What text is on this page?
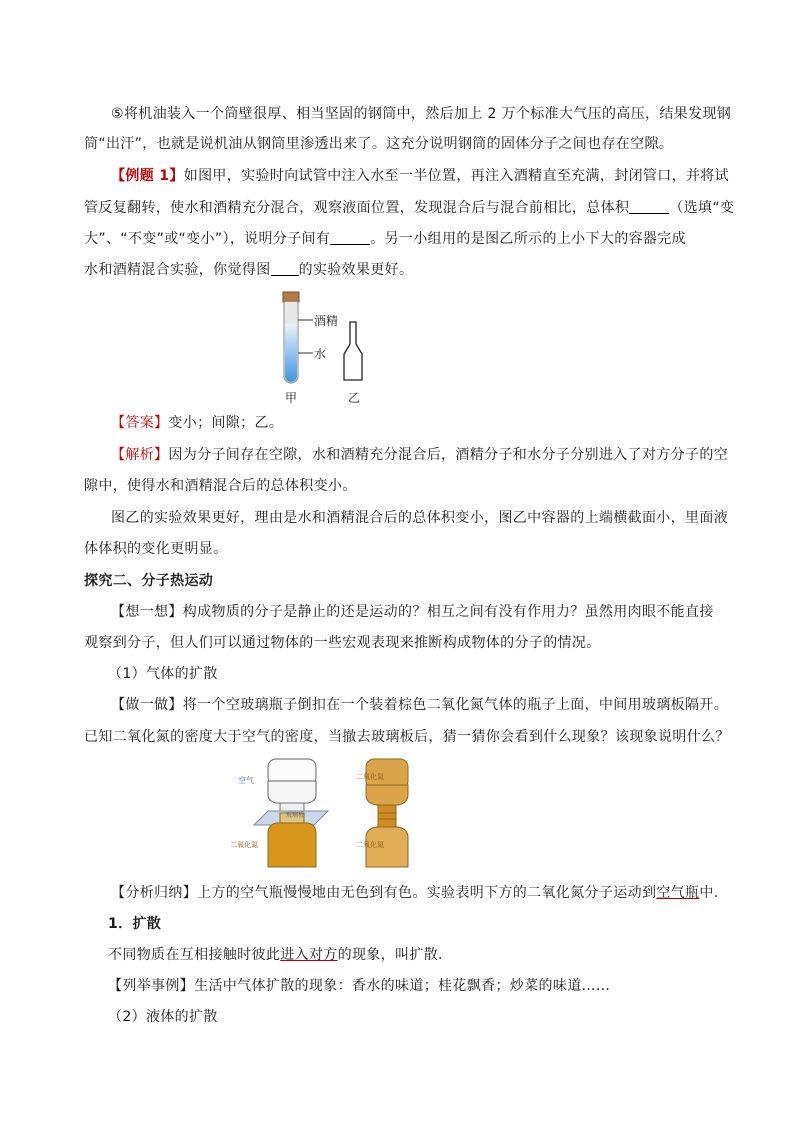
⑤将机油装入一个筒壁很厚、相当坚固的钢筒中，然后加上 2 万个标准大气压的高压，结果发现钢
筒“出汗”，也就是说机油从钢筒里渗透出来了。这充分说明钢筒的固体分子之间也存在空隙。
【例题 1】如图甲，实验时向试管中注入水至一半位置，再注入酒精直至充满，封闭管口，并将试
管反复翻转，使水和酒精充分混合，观察液面位置，发现混合后与混合前相比，总体积	（选填“变
大”、“不变”或“变小”），说明分子间有	。另一小组用的是图乙所示的上小下大的容器完成
水和酒精混合实验，你觉得图 的实验效果更好。
酒精
水
甲	乙
【答案】变小；间隙；乙。
【解析】因为分子间存在空隙，水和酒精充分混合后，酒精分子和水分子分别进入了对方分子的空
隙中，使得水和酒精混合后的总体积变小。
图乙的实验效果更好，理由是水和酒精混合后的总体积变小，图乙中容器的上端横截面小，里面液
体体积的变化更明显。
探究二、分子热运动
【想一想】构成物质的分子是静止的还是运动的？相互之间有没有作用力？虽然用肉眼不能直接
观察到分子，但人们可以通过物体的一些宏观表现来推断构成物体的分子的情况。
（1）气体的扩散
【做一做】将一个空玻璃瓶子倒扣在一个装着棕色二氧化氮气体的瓶子上面，中间用玻璃板隔开。
已知二氧化氮的密度大于空气的密度，当撤去玻璃板后，猜一猜你会看到什么现象？该现象说明什么？
空气
玻璃板
二氧化氮
二氧化氮
二氧化氮
【分析归纳】上方的空气瓶慢慢地由无色到有色。实验表明下方的二氧化氮分子运动到空气瓶中.
1．扩散
不同物质在互相接触时彼此进入对方的现象，叫扩散.
【列举事例】生活中气体扩散的现象：香水的味道；桂花飘香；炒菜的味道……
（2）液体的扩散
